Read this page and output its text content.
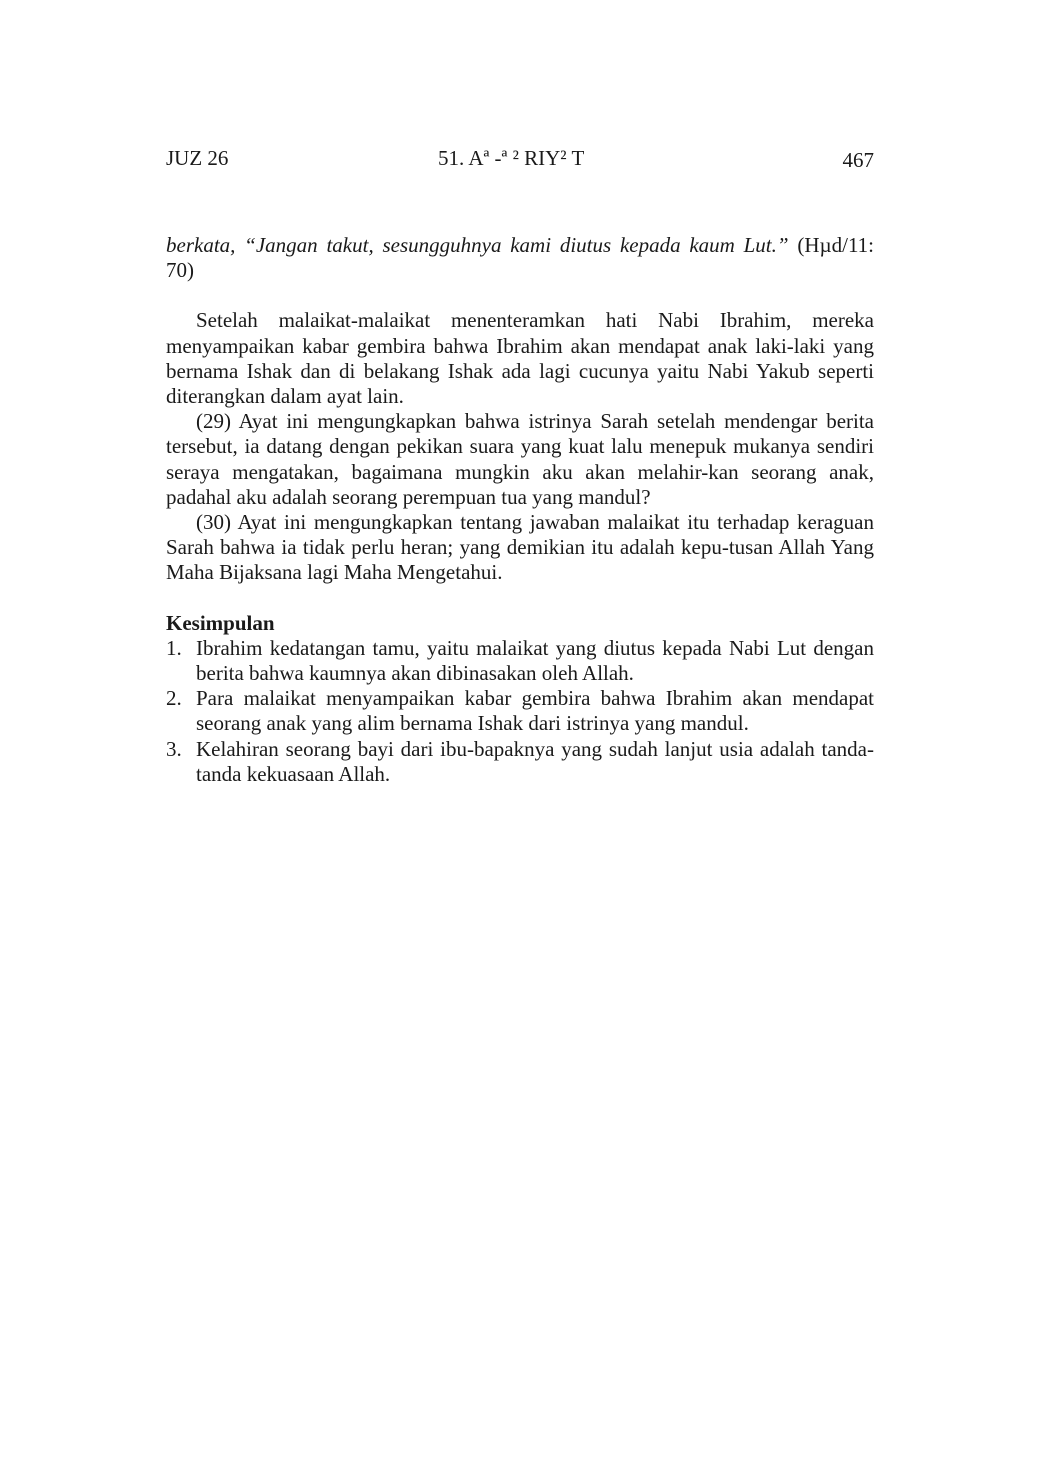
JUZ 26	51. Aª -ª ² RIY² T	467

berkata, “Jangan takut, sesungguhnya kami diutus kepada kaum Lut.” (Hµd/11: 70)

Setelah malaikat-malaikat menenteramkan hati Nabi Ibrahim, mereka menyampaikan kabar gembira bahwa Ibrahim akan mendapat anak laki-laki yang bernama Ishak dan di belakang Ishak ada lagi cucunya yaitu Nabi Yakub seperti diterangkan dalam ayat lain.

(29) Ayat ini mengungkapkan bahwa istrinya Sarah setelah mendengar berita tersebut, ia datang dengan pekikan suara yang kuat lalu menepuk mukanya sendiri seraya mengatakan, bagaimana mungkin aku akan melahir-kan seorang anak, padahal aku adalah seorang perempuan tua yang mandul?

(30) Ayat ini mengungkapkan tentang jawaban malaikat itu terhadap keraguan Sarah bahwa ia tidak perlu heran; yang demikian itu adalah kepu-tusan Allah Yang Maha Bijaksana lagi Maha Mengetahui.

Kesimpulan

1. Ibrahim kedatangan tamu, yaitu malaikat yang diutus kepada Nabi Lut dengan berita bahwa kaumnya akan dibinasakan oleh Allah.
2. Para malaikat menyampaikan kabar gembira bahwa Ibrahim akan mendapat seorang anak yang alim bernama Ishak dari istrinya yang mandul.
3. Kelahiran seorang bayi dari ibu-bapaknya yang sudah lanjut usia adalah tanda-tanda kekuasaan Allah.
